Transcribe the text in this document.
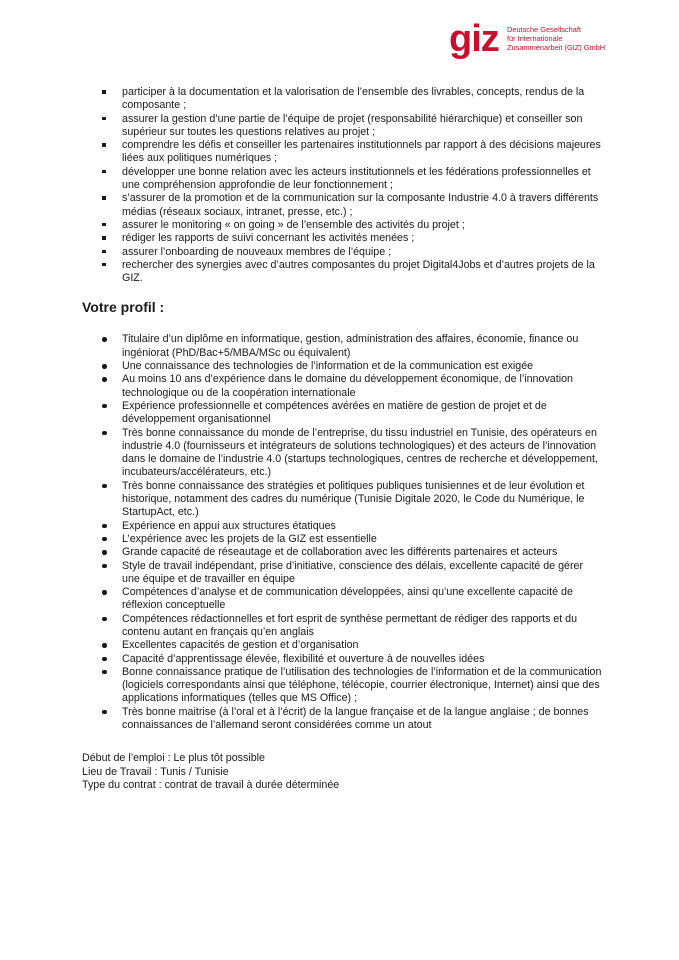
giz Deutsche Gesellschaft
für Internationale
Zusammenarbeit (GIZ) GmbH
participer à la documentation et la valorisation de l’ensemble des livrables, concepts, rendus de la composante ;
assurer la gestion d’une partie de l’équipe de projet (responsabilité hiérarchique) et conseiller son supérieur sur toutes les questions relatives au projet ;
comprendre les défis et conseiller les partenaires institutionnels par rapport à des décisions majeures liées aux politiques numériques ;
développer une bonne relation avec les acteurs institutionnels et les fédérations professionnelles et une compréhension approfondie de leur fonctionnement ;
s’assurer de la promotion et de la communication sur la composante Industrie 4.0 à travers différents médias (réseaux sociaux, intranet, presse, etc.) ;
assurer le monitoring « on going » de l’ensemble des activités du projet ;
rédiger les rapports de suivi concernant les activités menées ;
assurer l’onboarding de nouveaux membres de l’équipe ;
rechercher des synergies avec d’autres composantes du projet Digital4Jobs et d’autres projets de la GIZ.
Votre profil :
Titulaire d’un diplôme en informatique, gestion, administration des affaires, économie, finance ou ingéniorat (PhD/Bac+5/MBA/MSc ou équivalent)
Une connaissance des technologies de l’information et de la communication est exigée
Au moins 10 ans d’expérience dans le domaine du développement économique, de l’innovation technologique ou de la coopération internationale
Expérience professionnelle et compétences avérées en matière de gestion de projet et de développement organisationnel
Très bonne connaissance du monde de l’entreprise, du tissu industriel en Tunisie, des opérateurs en industrie 4.0 (fournisseurs et intégrateurs de solutions technologiques) et des acteurs de l’innovation dans le domaine de l’industrie 4.0 (startups technologiques, centres de recherche et développement, incubateurs/accélérateurs, etc.)
Très bonne connaissance des stratégies et politiques publiques tunisiennes et de leur évolution et historique, notamment des cadres du numérique (Tunisie Digitale 2020, le Code du Numérique, le StartupAct, etc.)
Expérience en appui aux structures étatiques
L’expérience avec les projets de la GIZ est essentielle
Grande capacité de réseautage et de collaboration avec les différents partenaires et acteurs
Style de travail indépendant, prise d’initiative, conscience des délais, excellente capacité de gérer une équipe et de travailler en équipe
Compétences d’analyse et de communication développées, ainsi qu’une excellente capacité de réflexion conceptuelle
Compétences rédactionnelles et fort esprit de synthèse permettant de rédiger des rapports et du contenu autant en français qu’en anglais
Excellentes capacités de gestion et d’organisation
Capacité d’apprentissage élevée, flexibilité et ouverture à de nouvelles idées
Bonne connaissance pratique de l’utilisation des technologies de l’information et de la communication (logiciels correspondants ainsi que téléphone, télécopie, courrier électronique, Internet) ainsi que des applications informatiques (telles que MS Office) ;
Très bonne maitrise (à l’oral et à l’écrit) de la langue française et de la langue anglaise ; de bonnes connaissances de l’allemand seront considérées comme un atout
Début de l’emploi : Le plus tôt possible
Lieu de Travail : Tunis / Tunisie
Type du contrat : contrat de travail à durée déterminée
